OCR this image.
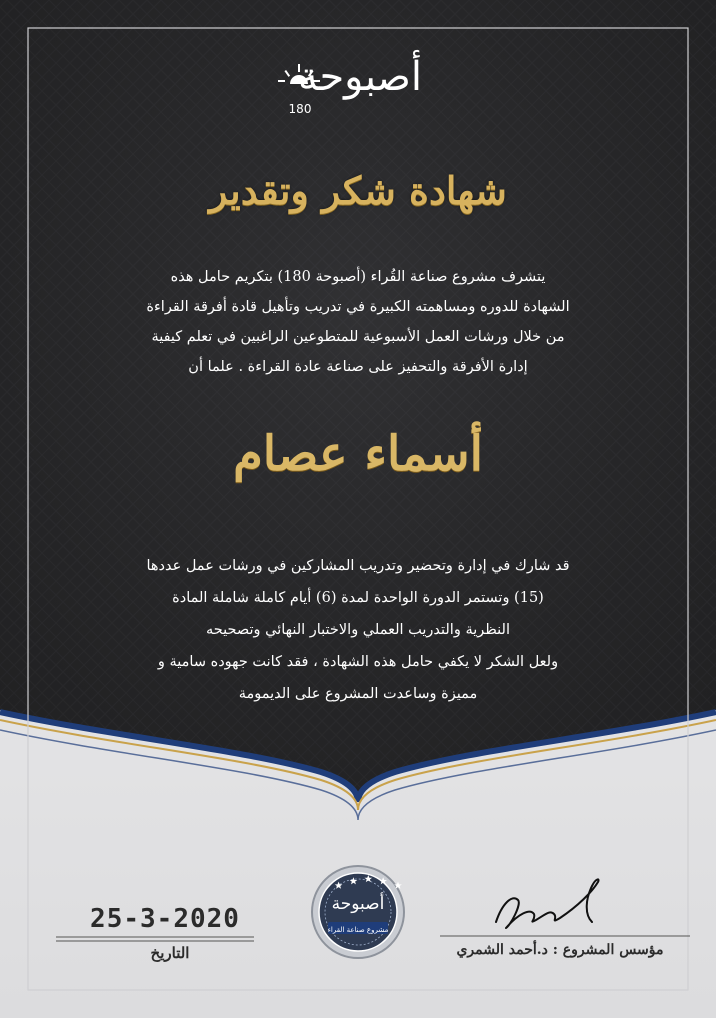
أصبوحة
180
شهادة شكر وتقدير
يتشرف مشروع صناعة القُراء (أصبوحة 180) بتكريم حامل هذه
الشهادة للدوره ومساهمته الكبيرة في تدريب وتأهيل قادة أفرقة القراءة
من خلال ورشات العمل الأسبوعية للمتطوعين الراغبين في تعلم كيفية
إدارة الأفرقة والتحفيز على صناعة عادة القراءة . علما أن
أسماء عصام
قد شارك في إدارة وتحضير وتدريب المشاركين في ورشات عمل عددها
(15) وتستمر الدورة الواحدة لمدة (6) أيام كاملة شاملة المادة
النظرية والتدريب العملي والاختبار النهائي وتصحيحه
ولعل الشكر لا يكفي حامل هذه الشهادة ، فقد كانت جهوده سامية و
مميزة وساعدت المشروع على الديمومة
أصبوحة
مشروع صناعة القراء
25-3-2020
التاريخ	مؤسس المشروع : د.أحمد الشمري
